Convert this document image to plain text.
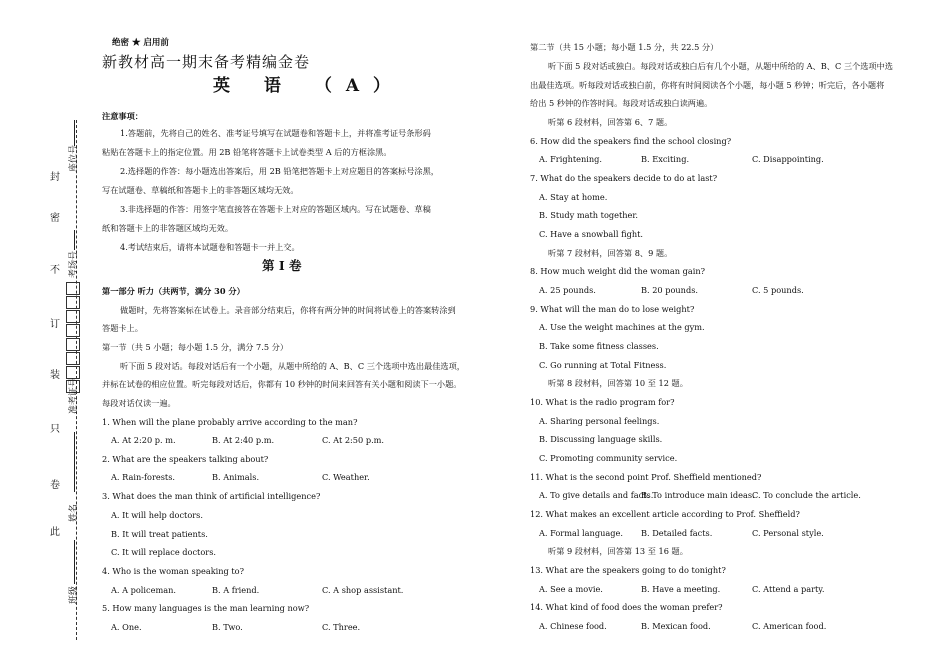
封
密
不
订
装
只
卷
此
座位号
考场号
准考证号
姓名
班级
绝密 ★ 启用前
新教材高一期末备考精编金卷
英 语 （A）
注意事项：
1.答题前，先将自己的姓名、准考证号填写在试题卷和答题卡上，并将准考证号条形码
粘贴在答题卡上的指定位置。用 2B 铅笔将答题卡上试卷类型 A 后的方框涂黑。
2.选择题的作答：每小题选出答案后，用 2B 铅笔把答题卡上对应题目的答案标号涂黑，
写在试题卷、草稿纸和答题卡上的非答题区域均无效。
3.非选择题的作答：用签字笔直接答在答题卡上对应的答题区域内。写在试题卷、草稿
纸和答题卡上的非答题区域均无效。
4.考试结束后，请将本试题卷和答题卡一并上交。
第 I 卷
第一部分 听力（共两节，满分 30 分）
做题时，先将答案标在试卷上。录音部分结束后，你将有两分钟的时间将试卷上的答案转涂到
答题卡上。
第一节（共 5 小题；每小题 1.5 分，满分 7.5 分）
听下面 5 段对话。每段对话后有一个小题，从题中所给的 A、B、C 三个选项中选出最佳选项，
并标在试卷的相应位置。听完每段对话后，你都有 10 秒钟的时间来回答有关小题和阅读下一小题。
每段对话仅读一遍。
1. When will the plane probably arrive according to the man?
A. At 2:20 p. m.	B. At 2:40 p.m.	C. At 2:50 p.m.
2. What are the speakers talking about?
A. Rain-forests.	B. Animals.	C. Weather.
3. What does the man think of artificial intelligence?
A. It will help doctors.
B. It will treat patients.
C. It will replace doctors.
4. Who is the woman speaking to?
A. A policeman.	B. A friend.	C. A shop assistant.
5. How many languages is the man learning now?
A. One.	B. Two.	C. Three.
第二节（共 15 小题；每小题 1.5 分，共 22.5 分）
听下面 5 段对话或独白。每段对话或独白后有几个小题，从题中所给的 A、B、C 三个选项中选
出最佳选项。听每段对话或独白前，你将有时间阅读各个小题，每小题 5 秒钟；听完后，各小题将
给出 5 秒钟的作答时间。每段对话或独白读两遍。
听第 6 段材料，回答第 6、7 题。
6. How did the speakers find the school closing?
A. Frightening.	B. Exciting.	C. Disappointing.
7. What do the speakers decide to do at last?
A. Stay at home.
B. Study math together.
C. Have a snowball fight.
听第 7 段材料，回答第 8、9 题。
8. How much weight did the woman gain?
A. 25 pounds.	B. 20 pounds.	C. 5 pounds.
9. What will the man do to lose weight?
A. Use the weight machines at the gym.
B. Take some fitness classes.
C. Go running at Total Fitness.
听第 8 段材料，回答第 10 至 12 题。
10. What is the radio program for?
A. Sharing personal feelings.
B. Discussing language skills.
C. Promoting community service.
11. What is the second point Prof. Sheffield mentioned?
A. To give details and facts.
B. To introduce main ideas.
C. To conclude the article.
12. What makes an excellent article according to Prof. Sheffield?
A. Formal language. B. Detailed facts.	C. Personal style.
听第 9 段材料，回答第 13 至 16 题。
13. What are the speakers going to do tonight?
A. See a movie.	B. Have a meeting.	C. Attend a party.
14. What kind of food does the woman prefer?
A. Chinese food.	B. Mexican food.	C. American food.
